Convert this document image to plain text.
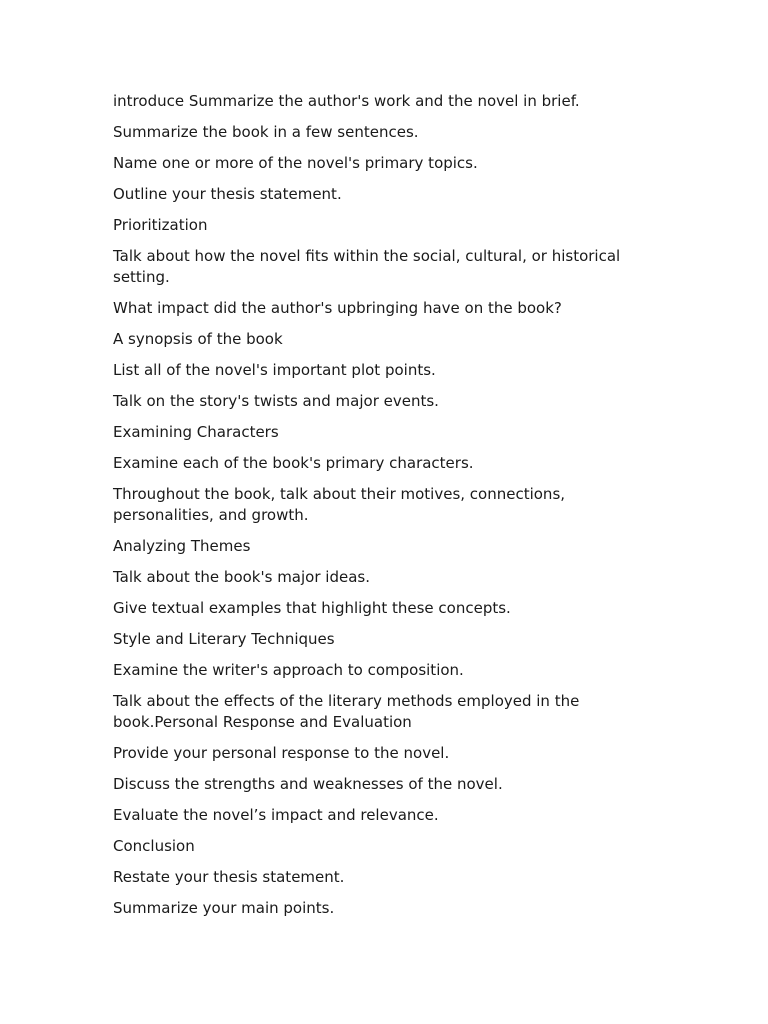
introduce Summarize the author's work and the novel in brief.

Summarize the book in a few sentences.

Name one or more of the novel's primary topics.

Outline your thesis statement.

Prioritization

Talk about how the novel fits within the social, cultural, or historical setting.

What impact did the author's upbringing have on the book?

A synopsis of the book

List all of the novel's important plot points.

Talk on the story's twists and major events.

Examining Characters

Examine each of the book's primary characters.

Throughout the book, talk about their motives, connections, personalities, and growth.

Analyzing Themes

Talk about the book's major ideas.

Give textual examples that highlight these concepts.

Style and Literary Techniques

Examine the writer's approach to composition.

Talk about the effects of the literary methods employed in the book.Personal Response and Evaluation

Provide your personal response to the novel.

Discuss the strengths and weaknesses of the novel.

Evaluate the novel’s impact and relevance.

Conclusion

Restate your thesis statement.

Summarize your main points.
